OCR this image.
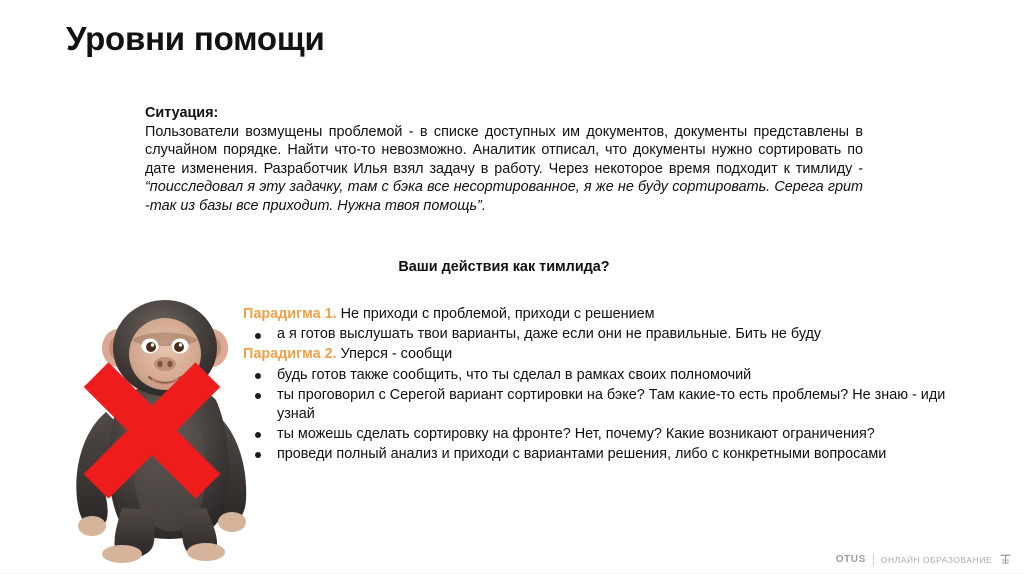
Уровни помощи
Ситуация:
Пользователи возмущены проблемой - в списке доступных им документов, документы представлены в случайном порядке. Найти что-то невозможно. Аналитик отписал, что документы нужно сортировать по дате изменения. Разработчик Илья взял задачу в работу. Через некоторое время подходит к тимлиду - “поисследовал я эту задачку, там с бэка все несортированное, я же не буду сортировать. Серега грит -так из базы все приходит. Нужна твоя помощь”.
Ваши действия как тимлида?

Парадигма 1. Не приходи с проблемой, приходи с решением

а я готов выслушать твои варианты, даже если они не правильные. Бить не буду

Парадигма 2. Уперся - сообщи

будь готов также сообщить, что ты сделал в рамках своих полномочий
ты проговорил с Серегой вариант сортировки на бэке? Там какие-то есть проблемы? Не знаю - иди узнай
ты можешь сделать сортировку на фронте? Нет, почему? Какие возникают ограничения?
проведи полный анализ и приходи с вариантами решения, либо с конкретными вопросами
OTUS ОНЛАЙН ОБРАЗОВАНИЕ
